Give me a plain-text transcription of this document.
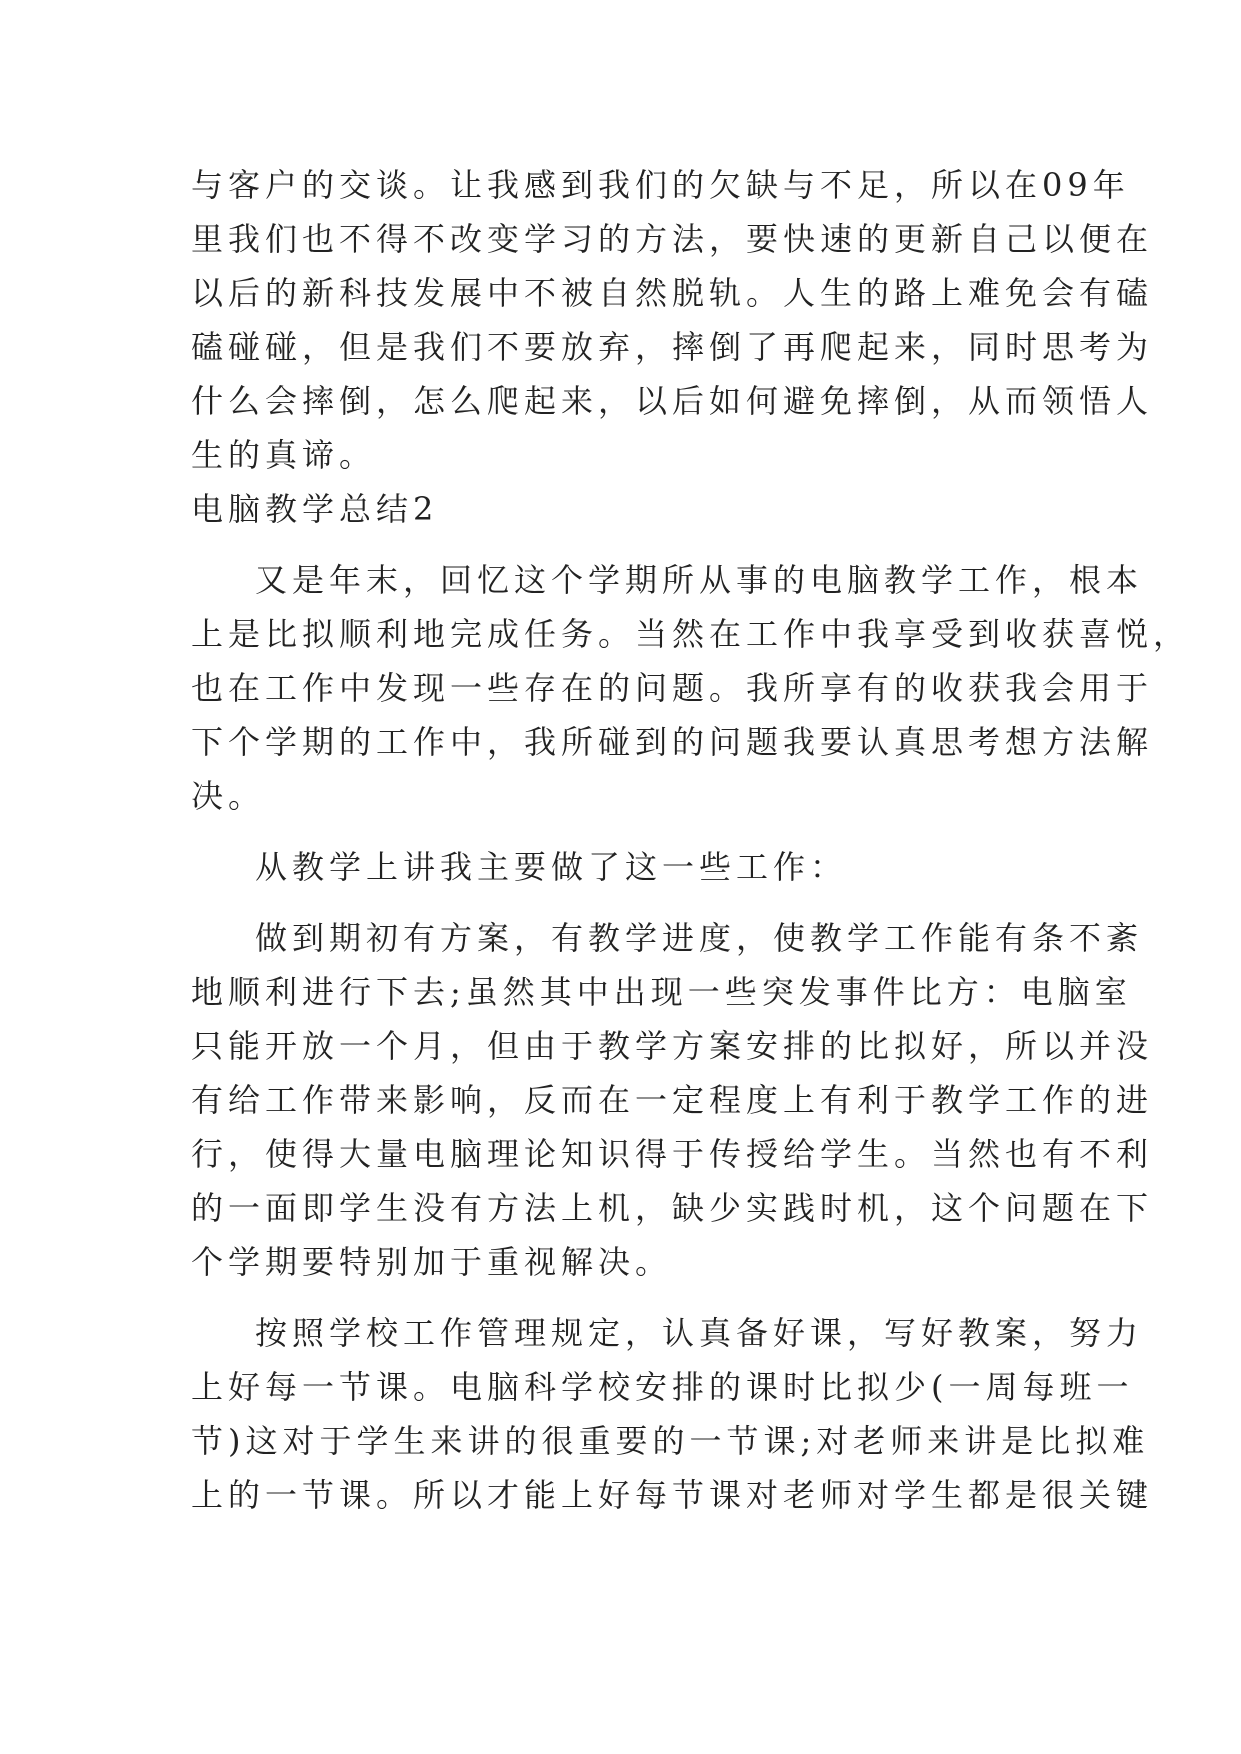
与客户的交谈。让我感到我们的欠缺与不足，所以在09年
里我们也不得不改变学习的方法，要快速的更新自己以便在
以后的新科技发展中不被自然脱轨。人生的路上难免会有磕
磕碰碰，但是我们不要放弃，摔倒了再爬起来，同时思考为
什么会摔倒，怎么爬起来，以后如何避免摔倒，从而领悟人
生的真谛。
电脑教学总结2
又是年末，回忆这个学期所从事的电脑教学工作，根本
上是比拟顺利地完成任务。当然在工作中我享受到收获喜悦，
也在工作中发现一些存在的问题。我所享有的收获我会用于
下个学期的工作中，我所碰到的问题我要认真思考想方法解
决。
从教学上讲我主要做了这一些工作：
做到期初有方案，有教学进度，使教学工作能有条不紊
地顺利进行下去;虽然其中出现一些突发事件比方：电脑室
只能开放一个月，但由于教学方案安排的比拟好，所以并没
有给工作带来影响，反而在一定程度上有利于教学工作的进
行，使得大量电脑理论知识得于传授给学生。当然也有不利
的一面即学生没有方法上机，缺少实践时机，这个问题在下
个学期要特别加于重视解决。
按照学校工作管理规定，认真备好课，写好教案，努力
上好每一节课。电脑科学校安排的课时比拟少(一周每班一
节)这对于学生来讲的很重要的一节课;对老师来讲是比拟难
上的一节课。所以才能上好每节课对老师对学生都是很关键
